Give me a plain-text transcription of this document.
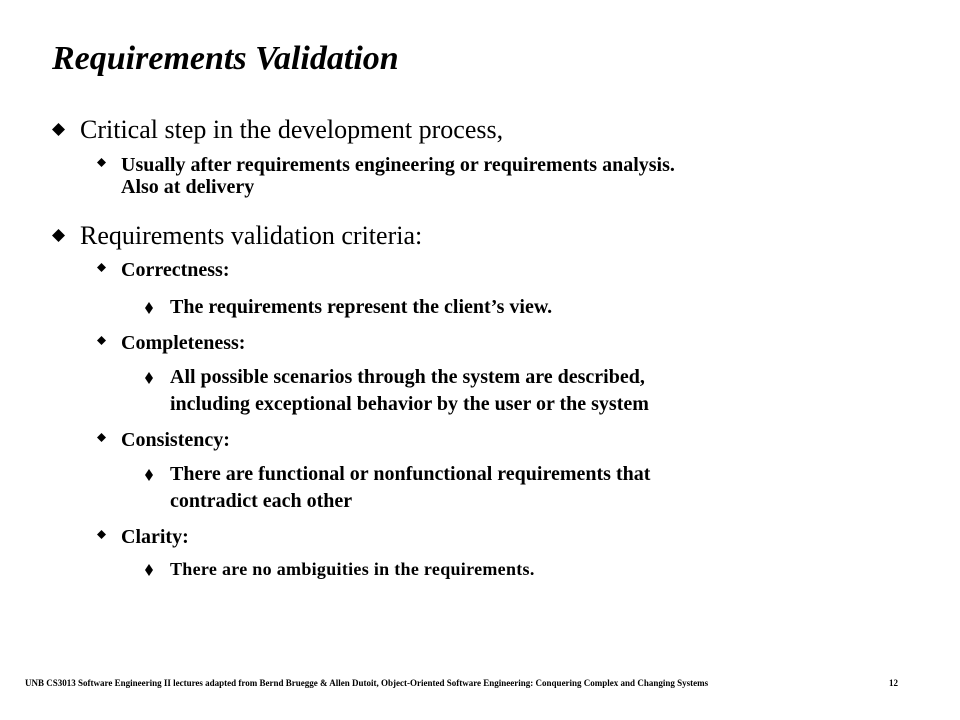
Requirements Validation
Critical step in the development process,
Usually after requirements engineering or requirements analysis.
Also at delivery
Requirements validation criteria:
Correctness:
The requirements represent the client’s view.
Completeness:
All possible scenarios through the system are described,
including exceptional behavior by the user or the system
Consistency:
There are functional or nonfunctional requirements that
contradict each other
Clarity:
There are no ambiguities in the requirements.
UNB CS3013 Software Engineering II lectures adapted from Bernd Bruegge & Allen Dutoit, Object-Oriented Software Engineering: Conquering Complex and Changing Systems	12
